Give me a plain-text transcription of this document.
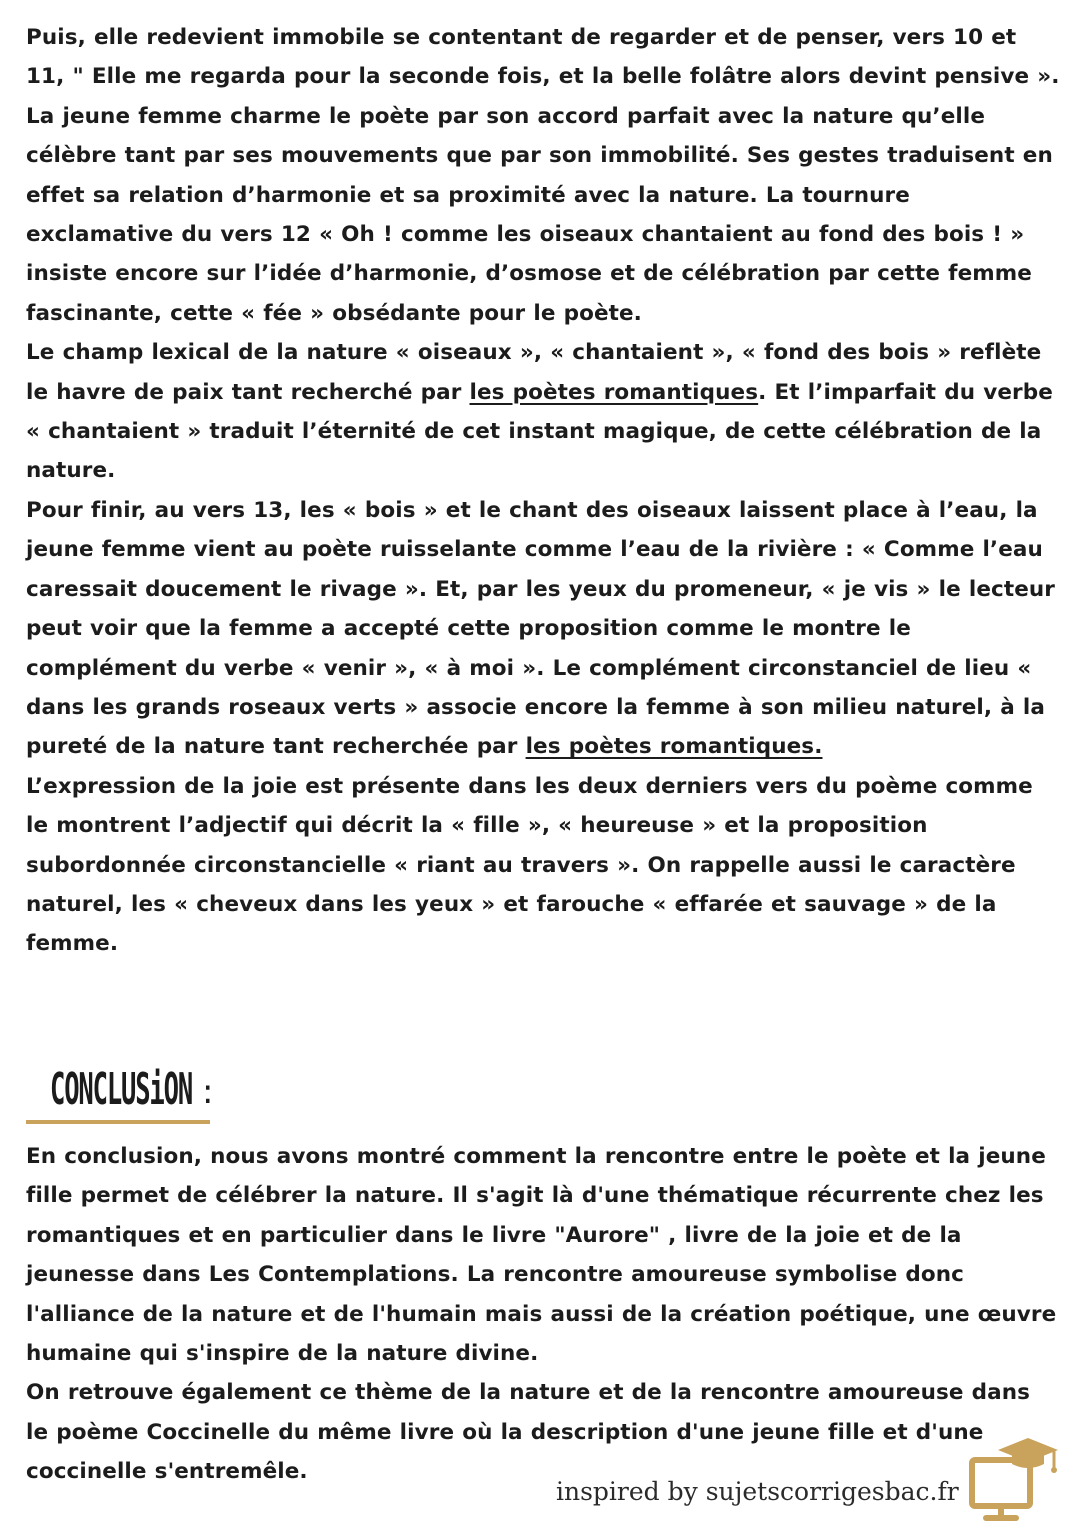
Puis, elle redevient immobile se contentant de regarder et de penser, vers 10 et 11, " Elle me regarda pour la seconde fois, et la belle folâtre alors devint pensive ». La jeune femme charme le poète par son accord parfait avec la nature qu’elle célèbre tant par ses mouvements que par son immobilité. Ses gestes traduisent en effet sa relation d’harmonie et sa proximité avec la nature. La tournure exclamative du vers 12 « Oh ! comme les oiseaux chantaient au fond des bois ! » insiste encore sur l’idée d’harmonie, d’osmose et de célébration par cette femme fascinante, cette « fée » obsédante pour le poète.

Le champ lexical de la nature « oiseaux », « chantaient », « fond des bois » reflète le havre de paix tant recherché par les poètes romantiques. Et l’imparfait du verbe « chantaient » traduit l’éternité de cet instant magique, de cette célébration de la nature.

Pour finir, au vers 13, les « bois » et le chant des oiseaux laissent place à l’eau, la jeune femme vient au poète ruisselante comme l’eau de la rivière : « Comme l’eau caressait doucement le rivage ». Et, par les yeux du promeneur, « je vis » le lecteur peut voir que la femme a accepté cette proposition comme le montre le complément du verbe « venir », « à moi ». Le complément circonstanciel de lieu « dans les grands roseaux verts » associe encore la femme à son milieu naturel, à la pureté de la nature tant recherchée par les poètes romantiques.

L’expression de la joie est présente dans les deux derniers vers du poème comme le montrent l’adjectif qui décrit la « fille », « heureuse » et la proposition subordonnée circonstancielle « riant au travers ». On rappelle aussi le caractère naturel, les « cheveux dans les yeux » et farouche « effarée et sauvage » de la femme.

CONCLUSiON :

En conclusion, nous avons montré comment la rencontre entre le poète et la jeune fille permet de célébrer la nature. Il s'agit là d'une thématique récurrente chez les romantiques et en particulier dans le livre "Aurore" , livre de la joie et de la jeunesse dans Les Contemplations. La rencontre amoureuse symbolise donc l'alliance de la nature et de l'humain mais aussi de la création poétique, une œuvre humaine qui s'inspire de la nature divine.

On retrouve également ce thème de la nature et de la rencontre amoureuse dans le poème Coccinelle du même livre où la description d'une jeune fille et d'une coccinelle s'entremêle.

inspired by sujetscorrigesbac.fr
